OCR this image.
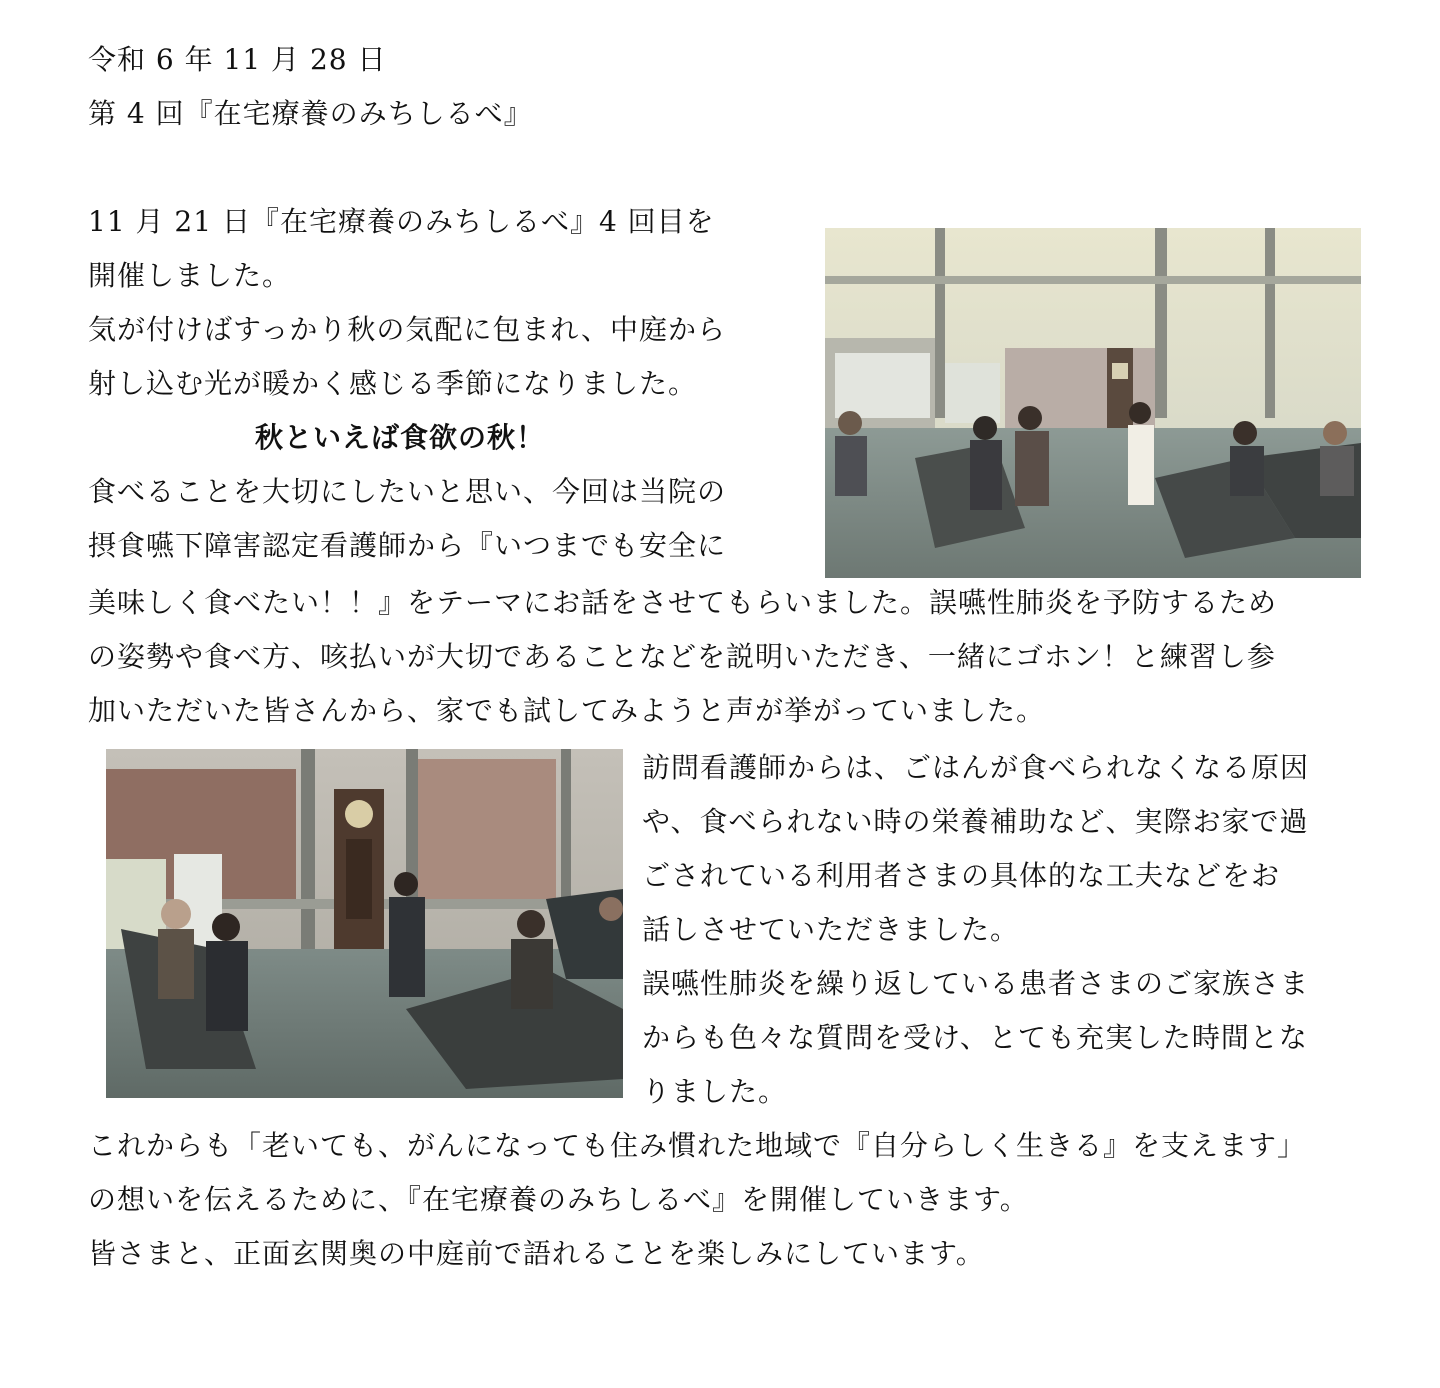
令和 6 年 11 月 28 日

第 4 回『在宅療養のみちしるべ』

11 月 21 日『在宅療養のみちしるべ』4 回目を

開催しました。

気が付けばすっかり秋の気配に包まれ、中庭から

射し込む光が暖かく感じる季節になりました。

秋といえば食欲の秋！

食べることを大切にしたいと思い、今回は当院の

摂食嚥下障害認定看護師から『いつまでも安全に

美味しく食べたい！！』をテーマにお話をさせてもらいました。誤嚥性肺炎を予防するため

の姿勢や食べ方、咳払いが大切であることなどを説明いただき、一緒にゴホン！と練習し参

加いただいた皆さんから、家でも試してみようと声が挙がっていました。

訪問看護師からは、ごはんが食べられなくなる原因

や、食べられない時の栄養補助など、実際お家で過

ごされている利用者さまの具体的な工夫などをお

話しさせていただきました。

誤嚥性肺炎を繰り返している患者さまのご家族さま

からも色々な質問を受け、とても充実した時間とな

りました。

これからも「老いても、がんになっても住み慣れた地域で『自分らしく生きる』を支えます」

の想いを伝えるために、『在宅療養のみちしるべ』を開催していきます。

皆さまと、正面玄関奥の中庭前で語れることを楽しみにしています。
